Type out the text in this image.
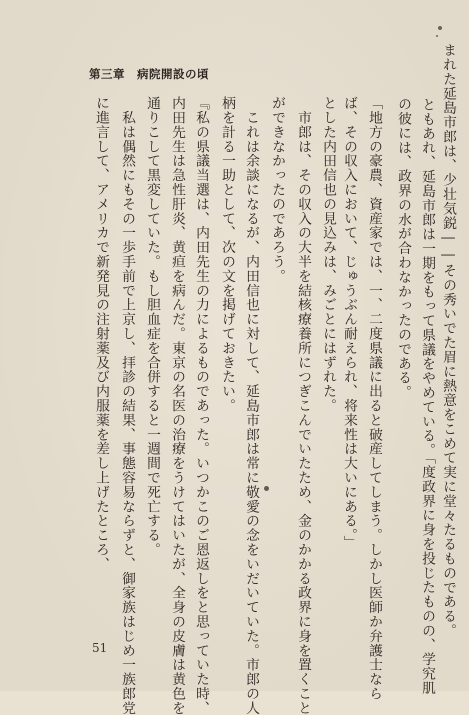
第三章　病院開設の頃	まれた延島市郎は、少壮気鋭――その秀いでた眉に熱意をこめて実に堂々たるものである。
　ともあれ、延島市郎は一期をもって県議をやめている。「度政界に身を投じたものの、学究肌
の彼には、政界の水が合わなかったのである。
「地方の豪農、資産家では、一、二度県議に出ると破産してしまう。しかし医師か弁護士なら
ば、その収入において、じゅうぶん耐えられ、将来性は大いにある。」
とした内田信也の見込みは、みごとにはずれた。
　市郎は、その収入の大半を結核療養所につぎこんでいたため、金のかかる政界に身を置くこと
ができなかったのであろう。
　これは余談になるが、内田信也に対して、延島市郎は常に敬愛の念をいだいていた。市郎の人
柄を計る一助として、次の文を掲げておきたい。
『私の県議当選は、内田先生の力によるものであった。いつかこのご恩返しをと思っていた時、
内田先生は急性肝炎、黄疸を病んだ。東京の名医の治療をうけてはいたが、全身の皮膚は黄色を
通りこして黒変していた。もし胆血症を合併すると一週間で死亡する。
　私は偶然にもその一歩手前で上京し、拝診の結果、事態容易ならずと、御家族はじめ一族郎党
に進言して、アメリカで新発見の注射薬及び内服薬を差し上げたところ、
51
